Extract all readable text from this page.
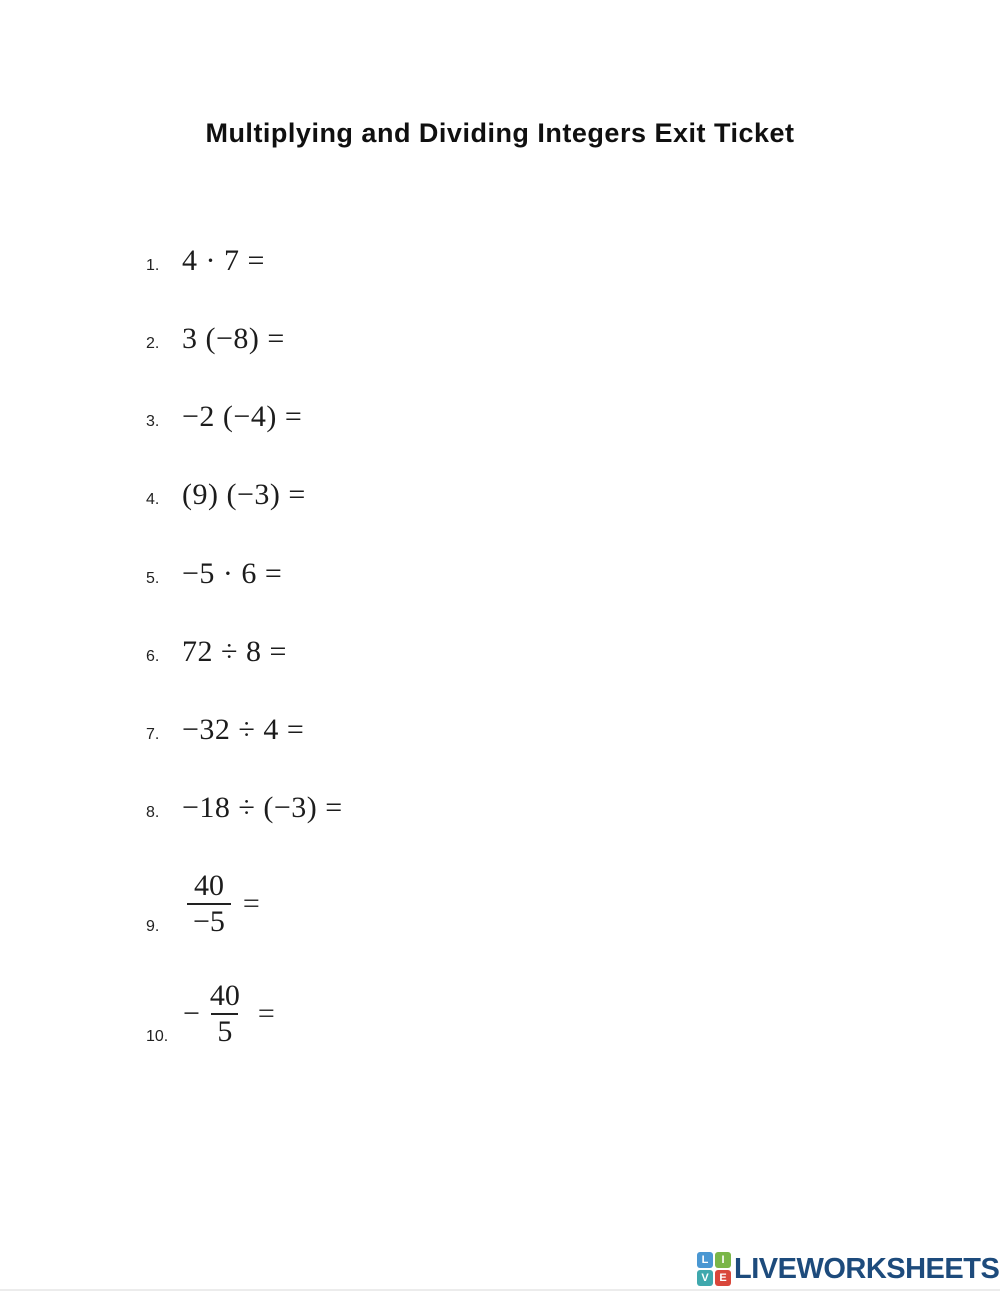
Multiplying and Dividing Integers Exit Ticket
1. 4 · 7 =
2. 3 (−8) =
3. −2 (−4) =
4. (9) (−3) =
5. −5 · 6 =
6. 72 ÷ 8 =
7. −32 ÷ 4 =
8. −18 ÷ (−3) =
9. $\frac{40}{-5}$ =
10.
− $\frac{40}{5}$ =
L	I
V E LIVEWORKSHEETS
